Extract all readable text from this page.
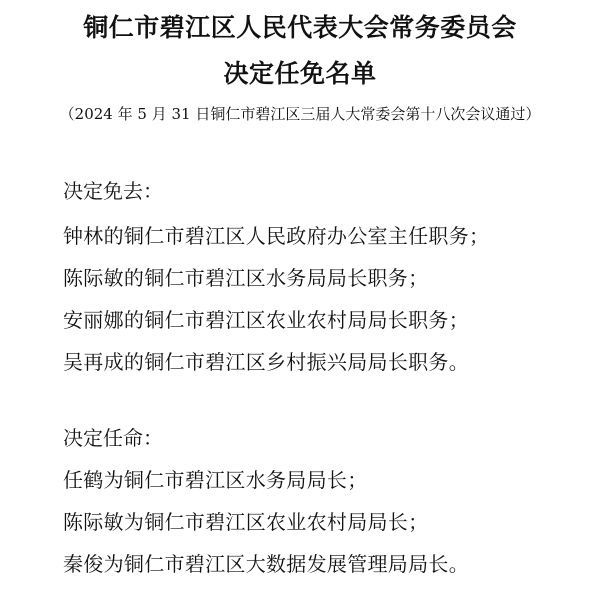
铜仁市碧江区人民代表大会常务委员会
决定任免名单
（2024 年 5 月 31 日铜仁市碧江区三届人大常委会第十八次会议通过）
决定免去：
钟林的铜仁市碧江区人民政府办公室主任职务；
陈际敏的铜仁市碧江区水务局局长职务；
安丽娜的铜仁市碧江区农业农村局局长职务；
吴再成的铜仁市碧江区乡村振兴局局长职务。
决定任命：
任鹤为铜仁市碧江区水务局局长；
陈际敏为铜仁市碧江区农业农村局局长；
秦俊为铜仁市碧江区大数据发展管理局局长。
